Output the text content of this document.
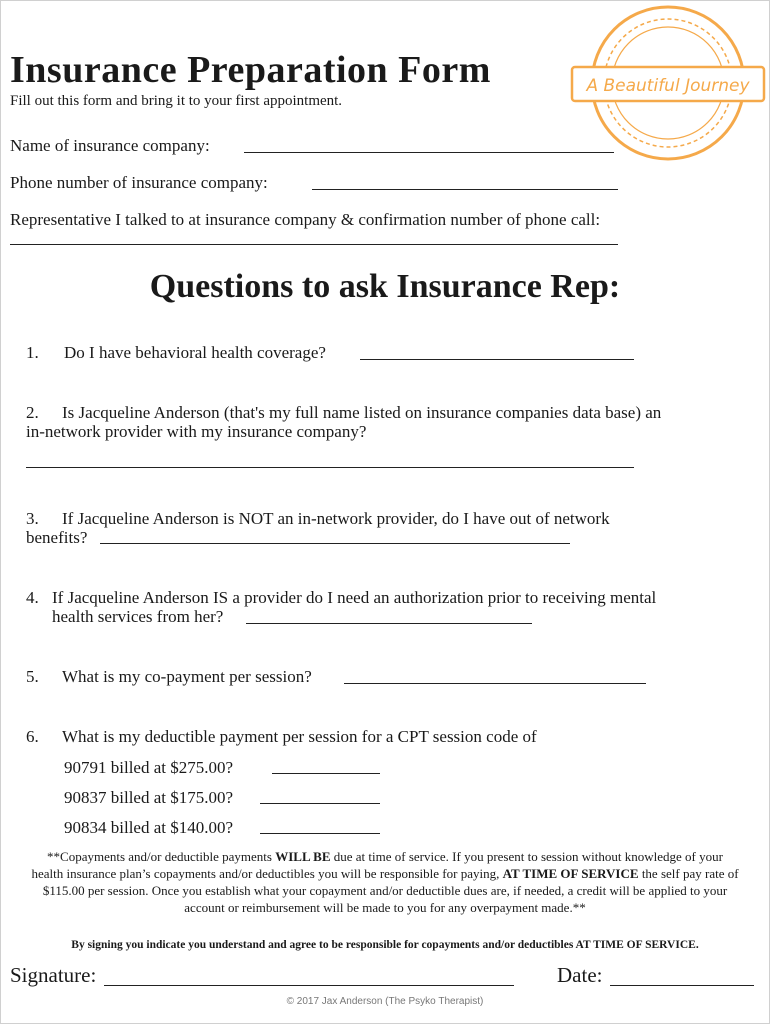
A Beautiful Journey
Insurance Preparation Form
Fill out this form and bring it to your first appointment.
Name of insurance company:
Phone number of insurance company:
Representative I talked to at insurance company & confirmation number of phone call:
Questions to ask Insurance Rep:
1. Do I have behavioral health coverage?
2. Is Jacqueline Anderson (that's my full name listed on insurance companies data base) an
in-network provider with my insurance company?
3. If Jacqueline Anderson is NOT an in-network provider, do I have out of network
benefits?
4. If Jacqueline Anderson IS a provider do I need an authorization prior to receiving mental
health services from her?
5. What is my co-payment per session?
6. What is my deductible payment per session for a CPT session code of
90791 billed at $275.00?
90837 billed at $175.00?
90834 billed at $140.00?
**Copayments and/or deductible payments WILL BE due at time of service. If you present to session without knowledge of your health insurance plan’s copayments and/or deductibles you will be responsible for paying, AT TIME OF SERVICE the self pay rate of $115.00 per session. Once you establish what your copayment and/or deductible dues are, if needed, a credit will be applied to your account or reimbursement will be made to you for any overpayment made.**
By signing you indicate you understand and agree to be responsible for copayments and/or deductibles AT TIME OF SERVICE.
Signature:	Date:
© 2017 Jax Anderson (The Psyko Therapist)
